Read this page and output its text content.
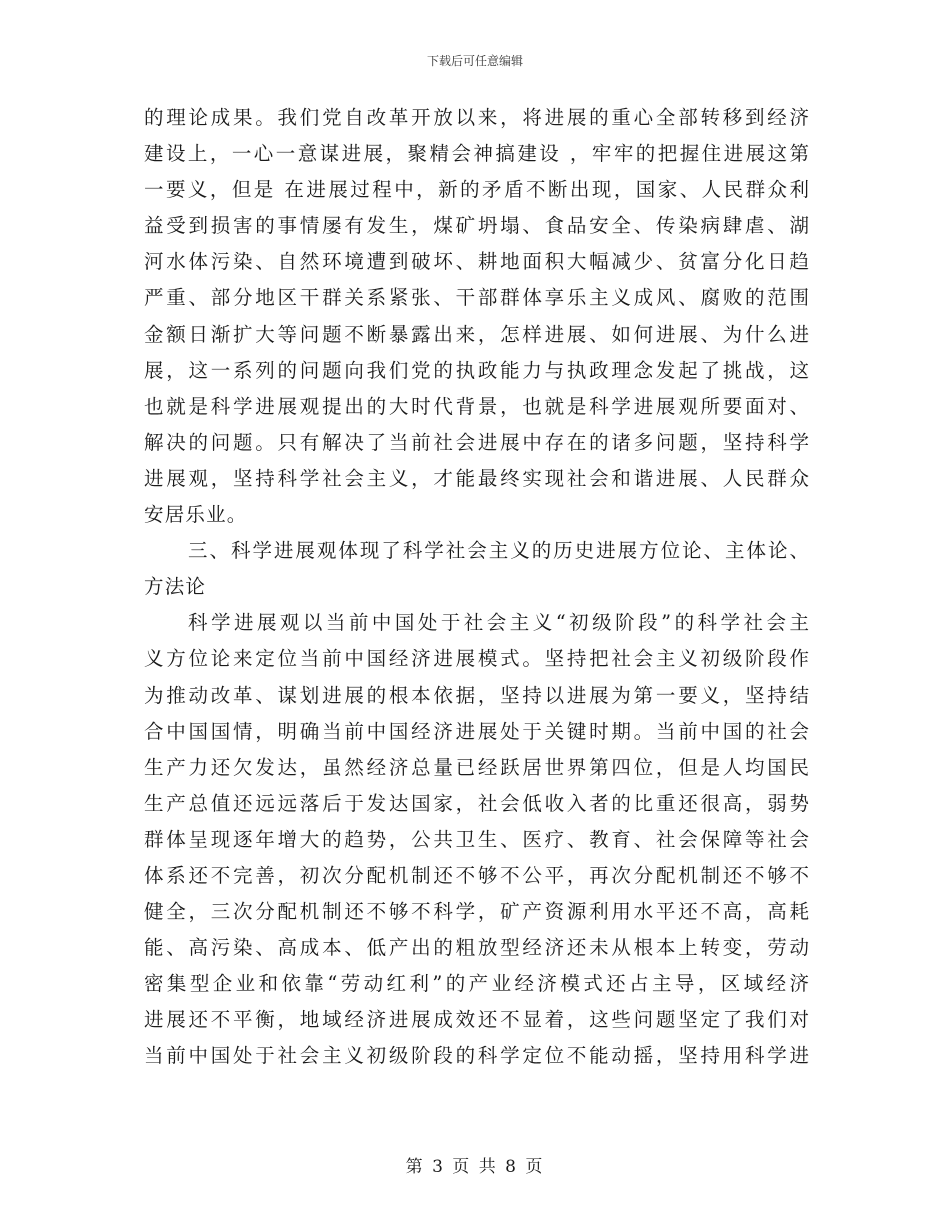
下载后可任意编辑
的理论成果。我们党自改革开放以来，将进展的重心全部转移到经济
建设上，一心一意谋进展，聚精会神搞建设 ，牢牢的把握住进展这第
一要义，但是 在进展过程中，新的矛盾不断出现，国家、人民群众利
益受到损害的事情屡有发生，煤矿坍塌、食品安全、传染病肆虐、湖
河水体污染、自然环境遭到破坏、耕地面积大幅减少、贫富分化日趋
严重、部分地区干群关系紧张、干部群体享乐主义成风、腐败的范围
金额日渐扩大等问题不断暴露出来，怎样进展、如何进展、为什么进
展，这一系列的问题向我们党的执政能力与执政理念发起了挑战，这
也就是科学进展观提出的大时代背景，也就是科学进展观所要面对、
解决的问题。只有解决了当前社会进展中存在的诸多问题，坚持科学
进展观，坚持科学社会主义，才能最终实现社会和谐进展、人民群众
安居乐业。
三、科学进展观体现了科学社会主义的历史进展方位论、主体论、
方法论
科学进展观以当前中国处于社会主义“初级阶段”的科学社会主
义方位论来定位当前中国经济进展模式。坚持把社会主义初级阶段作
为推动改革、谋划进展的根本依据，坚持以进展为第一要义，坚持结
合中国国情，明确当前中国经济进展处于关键时期。当前中国的社会
生产力还欠发达，虽然经济总量已经跃居世界第四位，但是人均国民
生产总值还远远落后于发达国家，社会低收入者的比重还很高，弱势
群体呈现逐年增大的趋势，公共卫生、医疗、教育、社会保障等社会
体系还不完善，初次分配机制还不够不公平，再次分配机制还不够不
健全，三次分配机制还不够不科学，矿产资源利用水平还不高，高耗
能、高污染、高成本、低产出的粗放型经济还未从根本上转变，劳动
密集型企业和依靠“劳动红利”的产业经济模式还占主导，区域经济
进展还不平衡，地域经济进展成效还不显着，这些问题坚定了我们对
当前中国处于社会主义初级阶段的科学定位不能动摇，坚持用科学进
第 3 页 共 8 页
